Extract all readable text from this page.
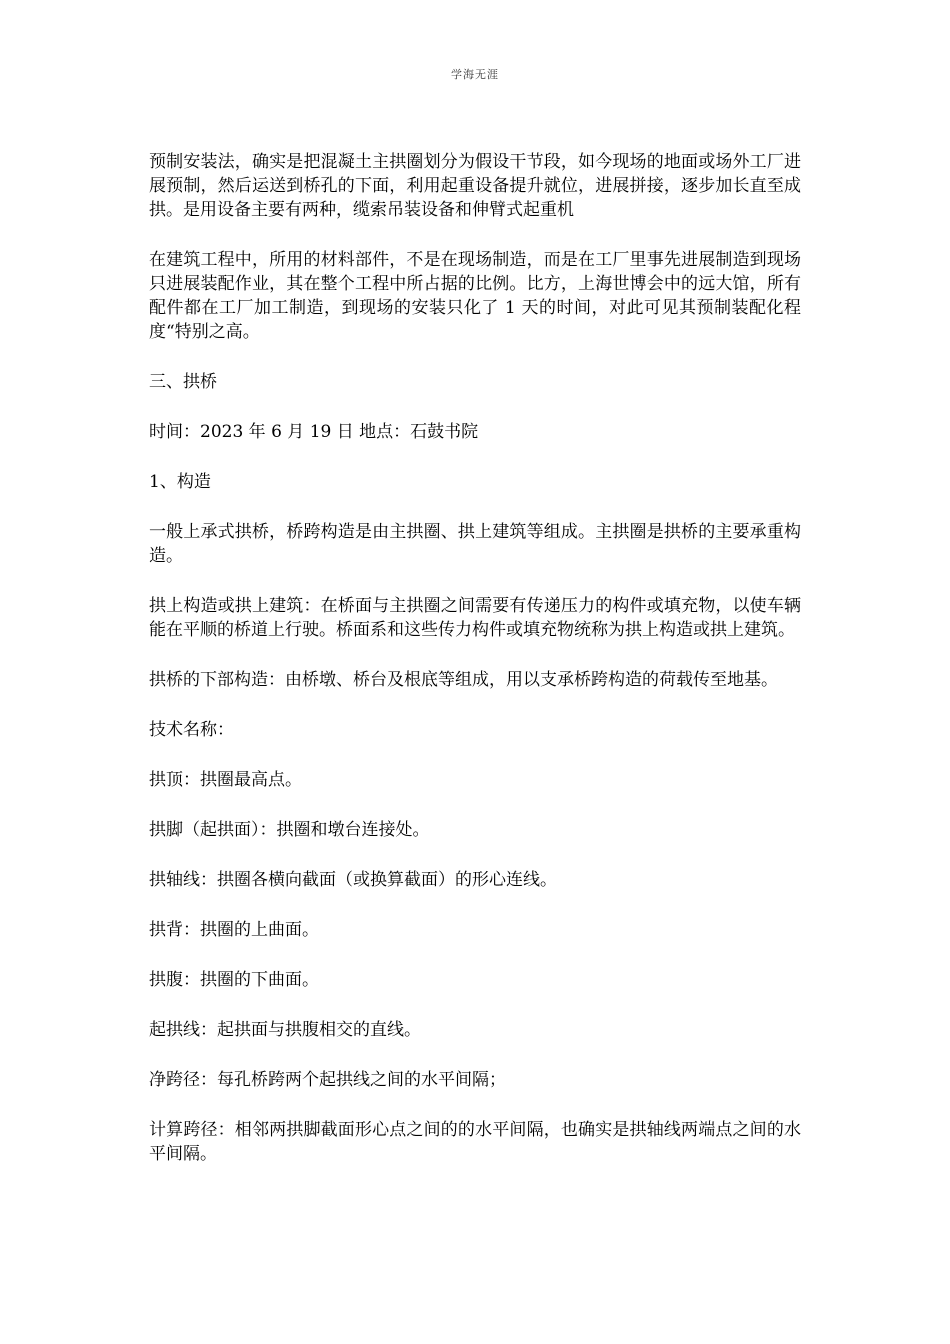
学海无涯

预制安装法，确实是把混凝土主拱圈划分为假设干节段，如今现场的地面或场外工厂进展预制，然后运送到桥孔的下面，利用起重设备提升就位，进展拼接，逐步加长直至成拱。是用设备主要有两种，缆索吊装设备和伸臂式起重机

在建筑工程中，所用的材料部件，不是在现场制造，而是在工厂里事先进展制造到现场只进展装配作业，其在整个工程中所占据的比例。比方，上海世博会中的远大馆，所有配件都在工厂加工制造，到现场的安装只化了 1 天的时间，对此可见其预制装配化程度“特别之高。

三、拱桥

时间：2023 年 6 月 19 日 地点：石鼓书院

1、构造

一般上承式拱桥，桥跨构造是由主拱圈、拱上建筑等组成。主拱圈是拱桥的主要承重构造。

拱上构造或拱上建筑：在桥面与主拱圈之间需要有传递压力的构件或填充物，以使车辆能在平顺的桥道上行驶。桥面系和这些传力构件或填充物统称为拱上构造或拱上建筑。

拱桥的下部构造：由桥墩、桥台及根底等组成，用以支承桥跨构造的荷载传至地基。

技术名称：

拱顶：拱圈最高点。

拱脚（起拱面）：拱圈和墩台连接处。

拱轴线：拱圈各横向截面（或换算截面）的形心连线。

拱背：拱圈的上曲面。

拱腹：拱圈的下曲面。

起拱线：起拱面与拱腹相交的直线。

净跨径：每孔桥跨两个起拱线之间的水平间隔；

计算跨径：相邻两拱脚截面形心点之间的的水平间隔，也确实是拱轴线两端点之间的水平间隔。
